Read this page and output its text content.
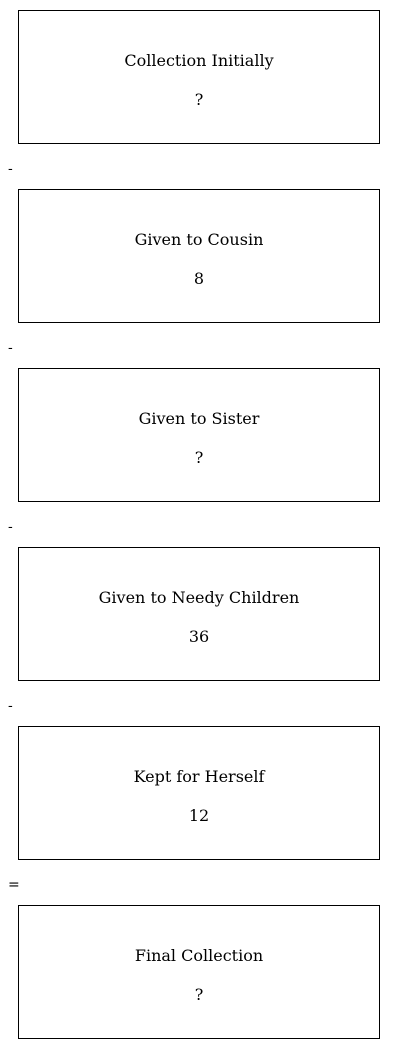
Collection Initially
?
-
Given to Cousin
8
-
Given to Sister
?
-
Given to Needy Children
36
-
Kept for Herself
12
=
Final Collection
?
